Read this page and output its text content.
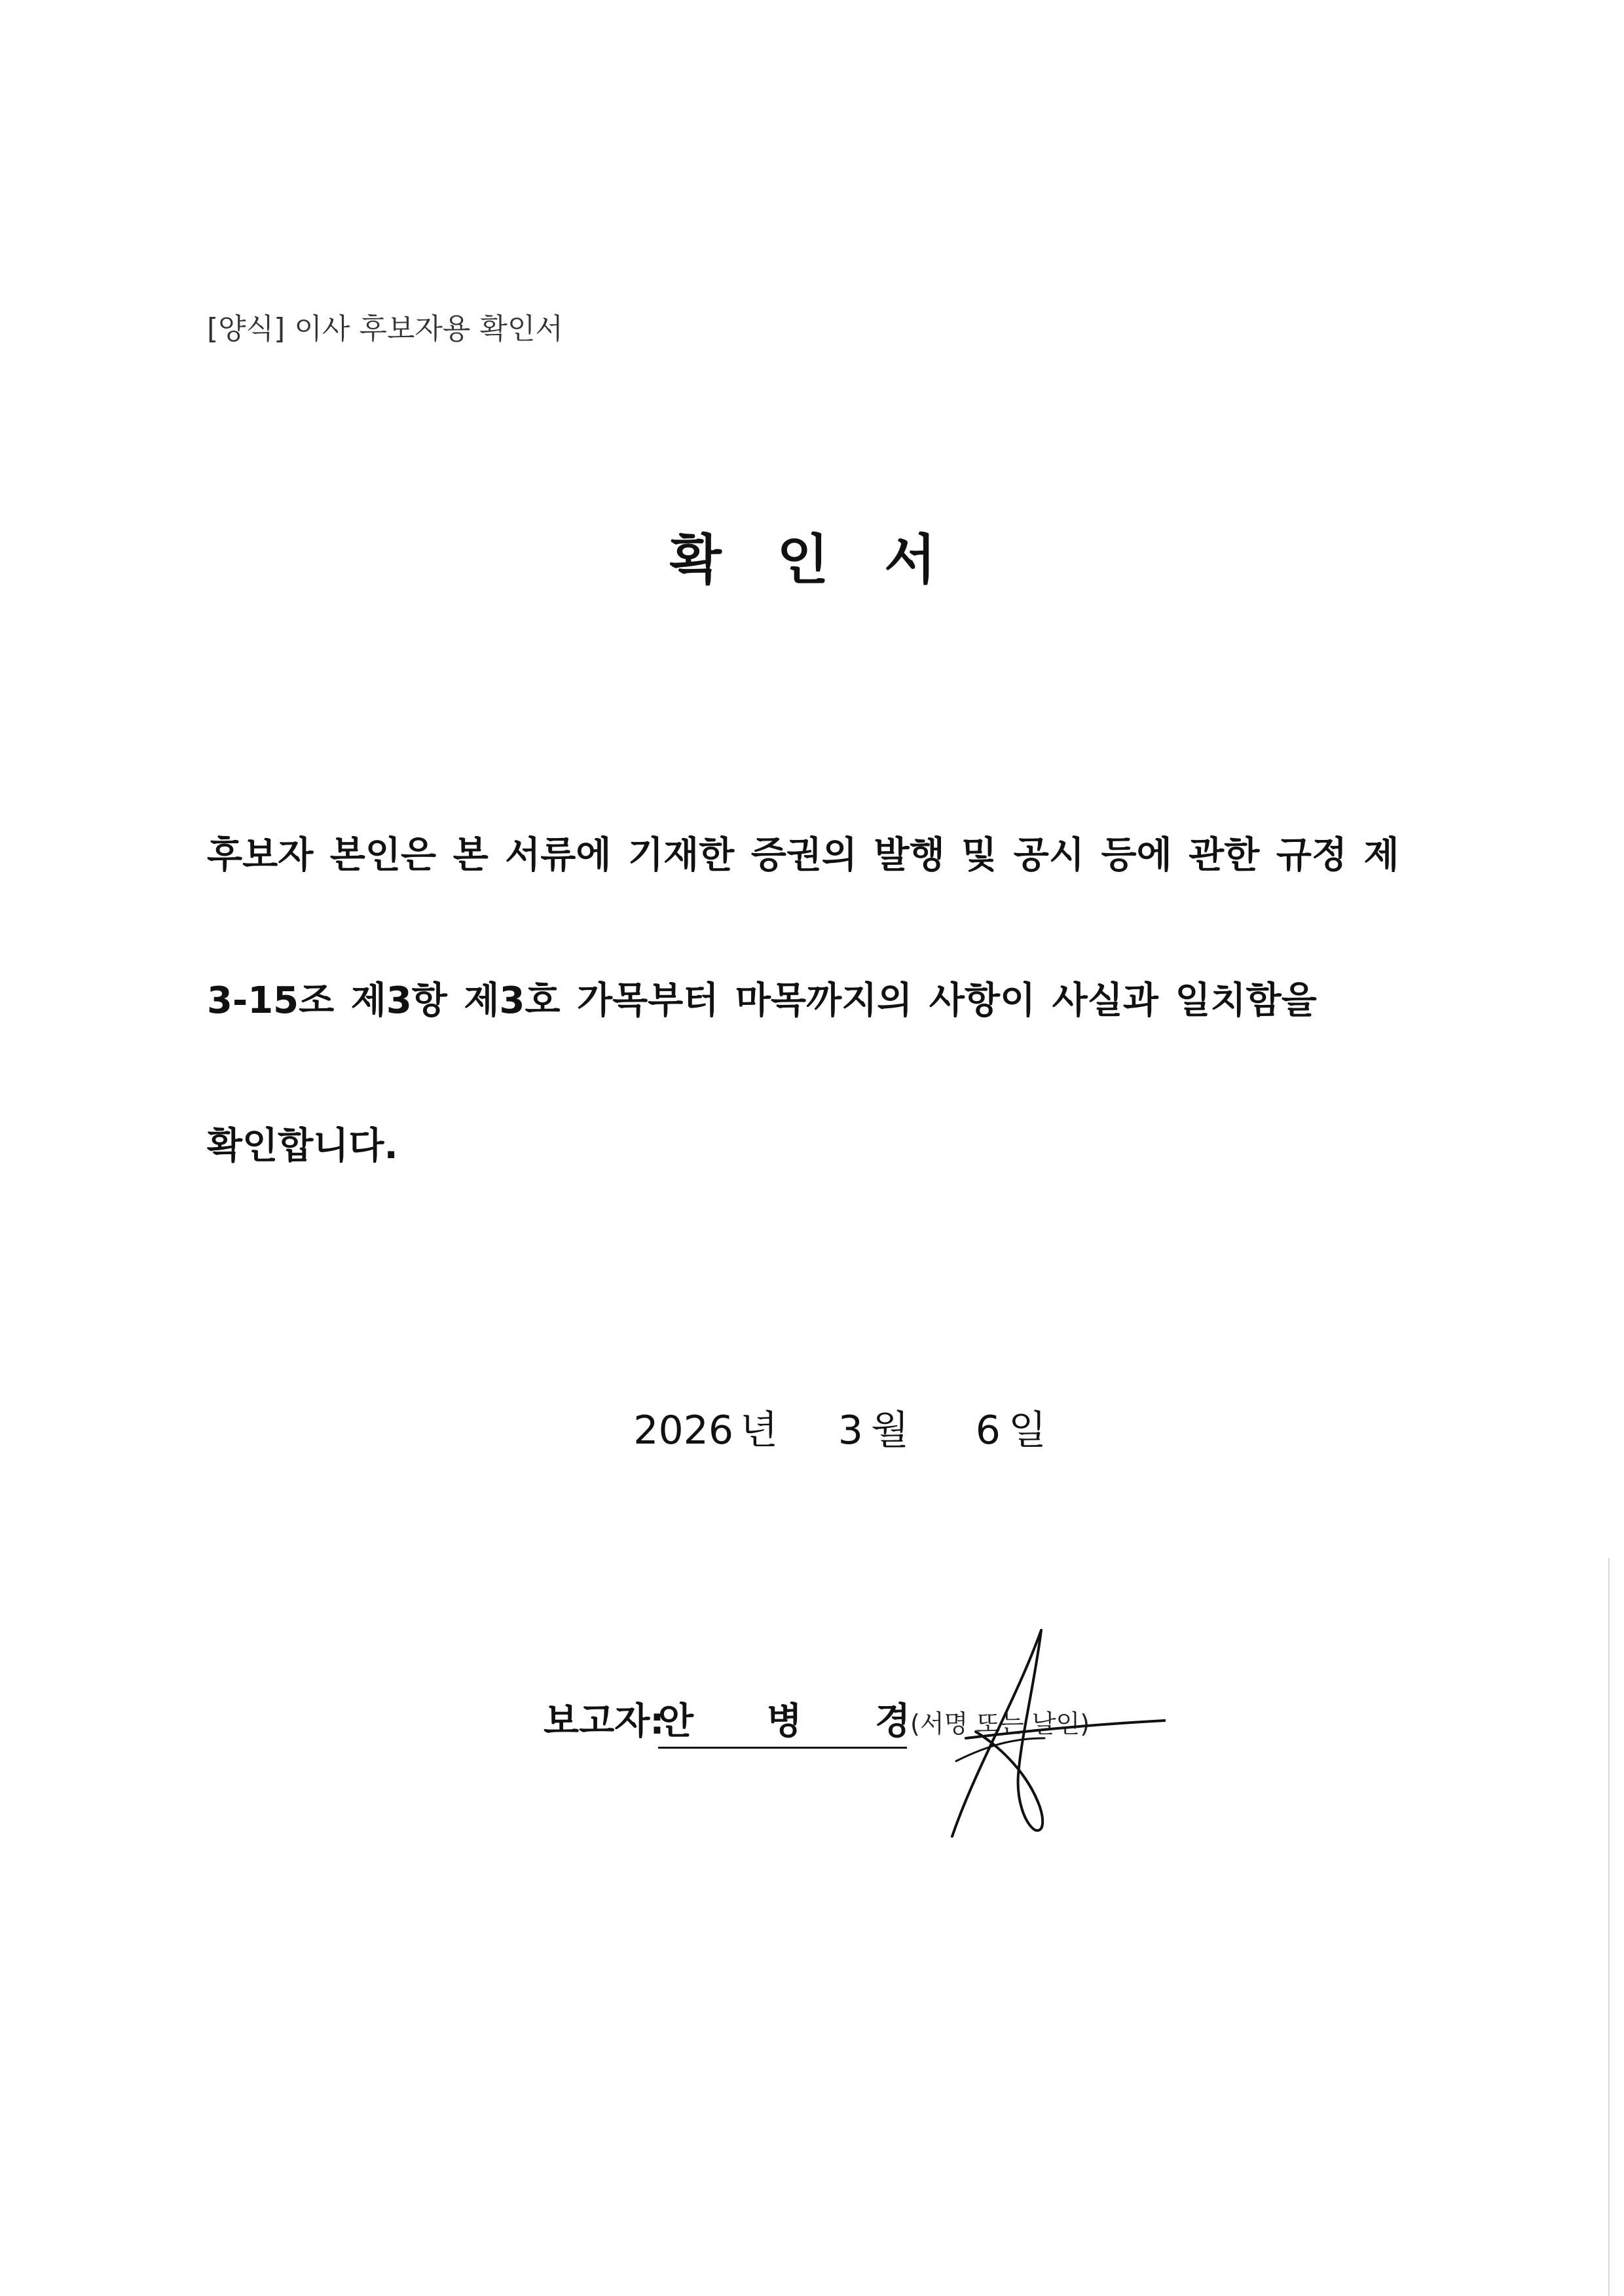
[양식] 이사 후보자용 확인서
확 인 서
후보자 본인은 본 서류에 기재한 증권의 발행 및 공시 등에 관한 규정 제
3-15조 제3항 제3호 가목부터 마목까지의 사항이 사실과 일치함을
확인합니다.
2026 년 3 월 6 일
보고자:
안 병 경
(서명 또는 날인)
